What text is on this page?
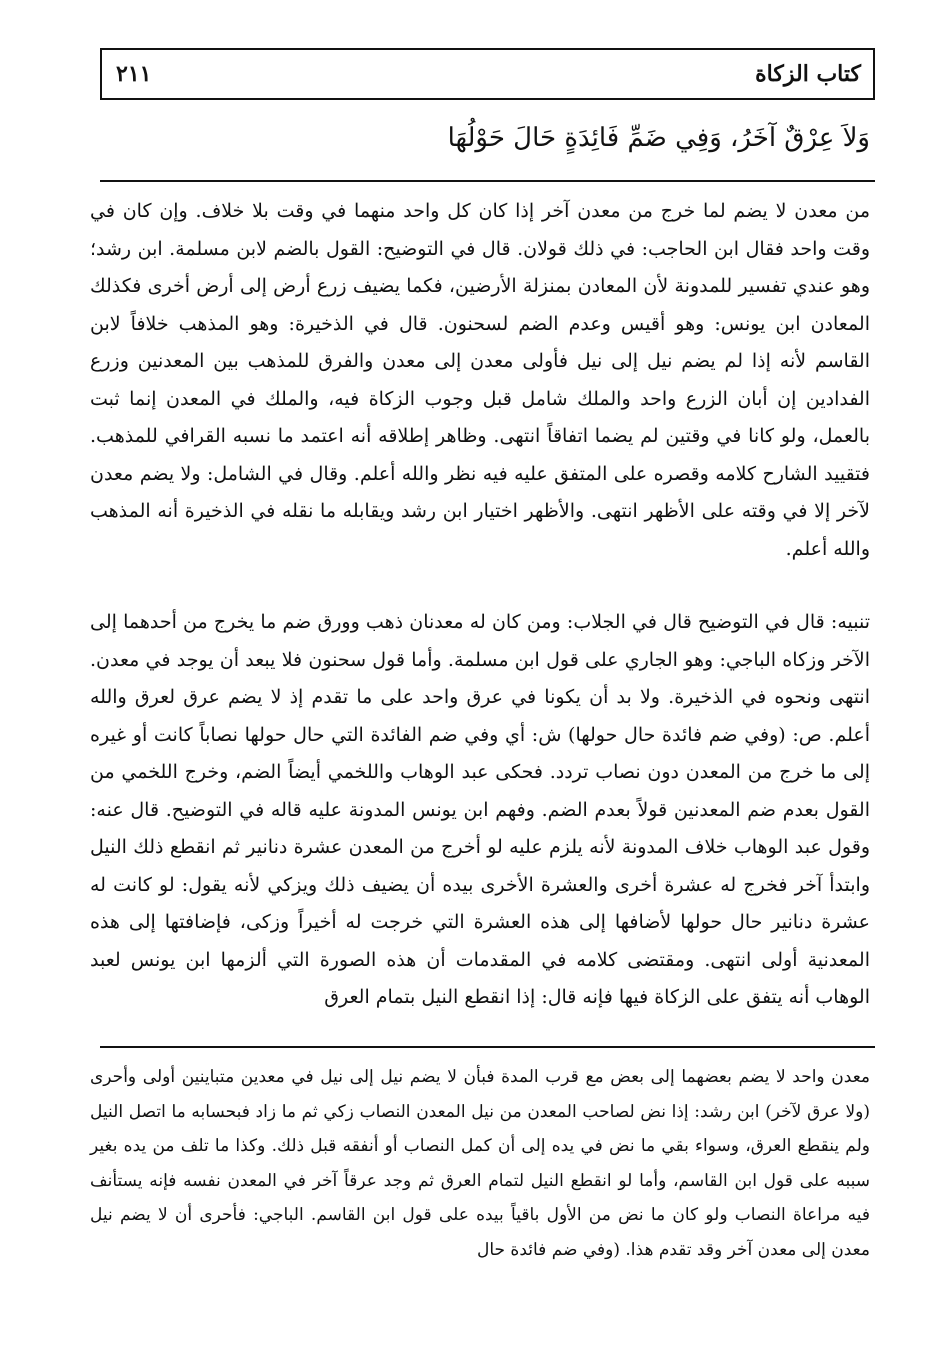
٢١١	كتاب الزكاة
وَلاَ عِرْقٌ آخَرُ، وَفِي ضَمِّ فَائِدَةٍ حَالَ حَوْلُهَا

من معدن لا يضم لما خرج من معدن آخر إذا كان كل واحد منهما في وقت بلا خلاف. وإن كان في وقت واحد فقال ابن الحاجب: في ذلك قولان. قال في التوضيح: القول بالضم لابن مسلمة. ابن رشد؛ وهو عندي تفسير للمدونة لأن المعادن بمنزلة الأرضين، فكما يضيف زرع أرض إلى أرض أخرى فكذلك المعادن ابن يونس: وهو أقيس وعدم الضم لسحنون. قال في الذخيرة: وهو المذهب خلافاً لابن القاسم لأنه إذا لم يضم نيل إلى نيل فأولى معدن إلى معدن والفرق للمذهب بين المعدنين وزرع الفدادين إن أبان الزرع واحد والملك شامل قبل وجوب الزكاة فيه، والملك في المعدن إنما ثبت بالعمل، ولو كانا في وقتين لم يضما اتفاقاً انتهى. وظاهر إطلاقه أنه اعتمد ما نسبه القرافي للمذهب. فتقييد الشارح كلامه وقصره على المتفق عليه فيه نظر والله أعلم. وقال في الشامل: ولا يضم معدن لآخر إلا في وقته على الأظهر انتهى. والأظهر اختيار ابن رشد ويقابله ما نقله في الذخيرة أنه المذهب والله أعلم.

تنبيه: قال في التوضيح قال في الجلاب: ومن كان له معدنان ذهب وورق ضم ما يخرج من أحدهما إلى الآخر وزكاه الباجي: وهو الجاري على قول ابن مسلمة. وأما قول سحنون فلا يبعد أن يوجد في معدن. انتهى ونحوه في الذخيرة. ولا بد أن يكونا في عرق واحد على ما تقدم إذ لا يضم عرق لعرق والله أعلم. ص: (وفي ضم فائدة حال حولها) ش: أي وفي ضم الفائدة التي حال حولها نصاباً كانت أو غيره إلى ما خرج من المعدن دون نصاب تردد. فحكى عبد الوهاب واللخمي أيضاً الضم، وخرج اللخمي من القول بعدم ضم المعدنين قولاً بعدم الضم. وفهم ابن يونس المدونة عليه قاله في التوضيح. قال عنه: وقول عبد الوهاب خلاف المدونة لأنه يلزم عليه لو أخرج من المعدن عشرة دنانير ثم انقطع ذلك النيل وابتدأ آخر فخرج له عشرة أخرى والعشرة الأخرى بيده أن يضيف ذلك ويزكي لأنه يقول: لو كانت له عشرة دنانير حال حولها لأضافها إلى هذه العشرة التي خرجت له أخيراً وزكى، فإضافتها إلى هذه المعدنية أولى انتهى. ومقتضى كلامه في المقدمات أن هذه الصورة التي ألزمها ابن يونس لعبد الوهاب أنه يتفق على الزكاة فيها فإنه قال: إذا انقطع النيل بتمام العرق

معدن واحد لا يضم بعضهما إلى بعض مع قرب المدة فبأن لا يضم نيل إلى نيل في معدين متباينين أولى وأحرى (ولا عرق لآخر) ابن رشد: إذا نض لصاحب المعدن من نيل المعدن النصاب زكي ثم ما زاد فبحسابه ما اتصل النيل ولم ينقطع العرق، وسواء بقي ما نض في يده إلى أن كمل النصاب أو أنفقه قبل ذلك. وكذا ما تلف من يده بغير سببه على قول ابن القاسم، وأما لو انقطع النيل لتمام العرق ثم وجد عرقاً آخر في المعدن نفسه فإنه يستأنف فيه مراعاة النصاب ولو كان ما نض من الأول باقياً بيده على قول ابن القاسم. الباجي: فأحرى أن لا يضم نيل معدن إلى معدن آخر وقد تقدم هذا. (وفي ضم فائدة حال
